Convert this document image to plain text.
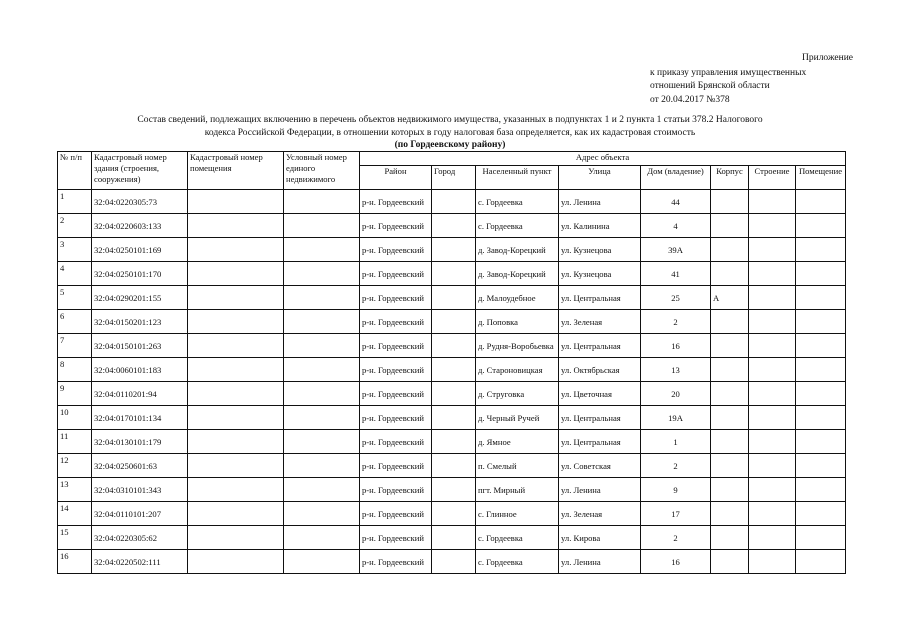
Приложение
к приказу управления имущественных
отношений Брянской области
от 20.04.2017 №378
Состав сведений, подлежащих включению в перечень объектов недвижимого имущества, указанных в подпунктах 1 и 2 пункта 1 статьи 378.2 Налогового
кодекса Российской Федерации, в отношении которых в году налоговая база определяется, как их кадастровая стоимость
(по Гордеевскому району)
№ п/п	Кадастровый номер здания (строения, сооружения)	Кадастровый номер помещения	Условный номер единого недвижимого	Адрес объекта							
				Район	Город	Населенный пункт	Улица	Дом (владение)	Корпус	Строение	Помещение
1	32:04:0220305:73			р-н. Гордеевский		с. Гордеевка	ул. Ленина	44			
2	32:04:0220603:133			р-н. Гордеевский		с. Гордеевка	ул. Калинина	4			
3	32:04:0250101:169			р-н. Гордеевский		д. Завод-Корецкий	ул. Кузнецова	39А			
4	32:04:0250101:170			р-н. Гордеевский		д. Завод-Корецкий	ул. Кузнецова	41			
5	32:04:0290201:155			р-н. Гордеевский		д. Малоудебное	ул. Центральная	25	А		
6	32:04:0150201:123			р-н. Гордеевский		д. Поповка	ул. Зеленая	2			
7	32:04:0150101:263			р-н. Гордеевский		д. Рудня-Воробьевка	ул. Центральная	16			
8	32:04:0060101:183			р-н. Гордеевский		д. Староновицкая	ул. Октябрьская	13			
9	32:04:0110201:94			р-н. Гордеевский		д. Струговка	ул. Цветочная	20			
10	32:04:0170101:134			р-н. Гордеевский		д. Черный Ручей	ул. Центральная	19А			
11	32:04:0130101:179			р-н. Гордеевский		д. Ямное	ул. Центральная	1			
12	32:04:0250601:63			р-н. Гордеевский		п. Смелый	ул. Советская	2			
13	32:04:0310101:343			р-н. Гордеевский		пгт. Мирный	ул. Ленина	9			
14	32:04:0110101:207			р-н. Гордеевский		с. Глинное	ул. Зеленая	17			
15	32:04:0220305:62			р-н. Гордеевский		с. Гордеевка	ул. Кирова	2			
16	32:04:0220502:111			р-н. Гордеевский		с. Гордеевка	ул. Ленина	16			
